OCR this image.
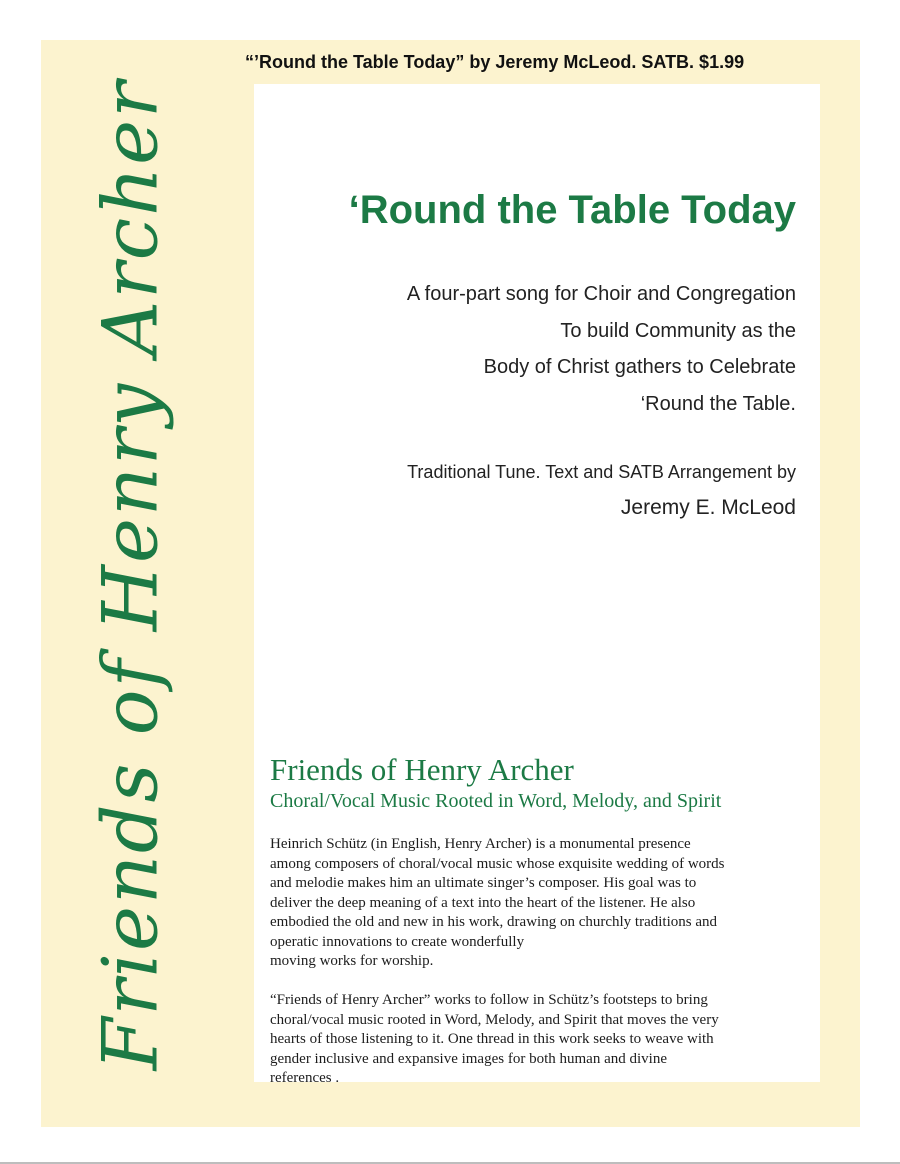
“’Round the Table Today” by Jeremy McLeod. SATB. $1.99
Friends of Henry Archer	‘Round the Table Today
A four-part song for Choir and Congregation
To build Community as the
Body of Christ gathers to Celebrate
‘Round the Table.
Traditional Tune. Text and SATB Arrangement by
Jeremy E. McLeod
Friends of Henry Archer
Choral/Vocal Music Rooted in Word, Melody, and Spirit
Heinrich Schütz (in English, Henry Archer) is a monumental presence
among composers of choral/vocal music whose exquisite wedding of words
and melodie makes him an ultimate singer’s composer. His goal was to
deliver the deep meaning of a text into the heart of the listener. He also
embodied the old and new in his work, drawing on churchly traditions and
operatic innovations to create wonderfully
moving works for worship.
“Friends of Henry Archer” works to follow in Schütz’s footsteps to bring
choral/vocal music rooted in Word, Melody, and Spirit that moves the very
hearts of those listening to it. One thread in this work seeks to weave with
gender inclusive and expansive images for both human and divine
references .
